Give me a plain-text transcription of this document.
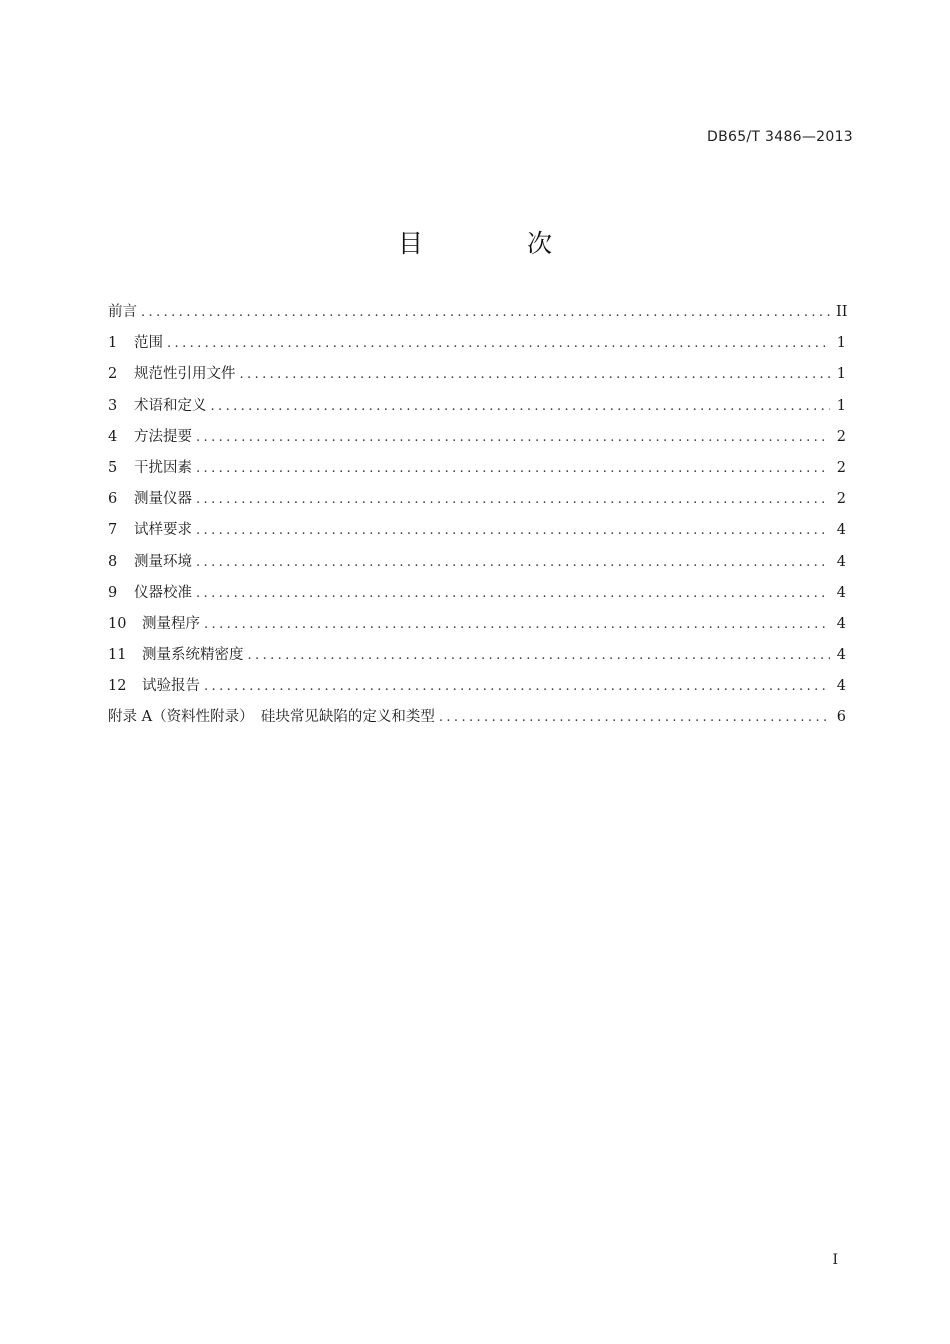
DB65/T 3486—2013
目 次
前言 .....	II
1	范围 .....	1
2	规范性引用文件 .....	1
3	术语和定义 .....	1
4	方法提要 .....	2
5	干扰因素 .....	2
6	测量仪器 .....	2
7	试样要求 .....	4
8	测量环境 .....	4
9	仪器校准 .....	4
10	测量程序 .....	4
11	测量系统精密度 .....	4
12	试验报告 .....	4
附录 A（资料性附录）　硅块常见缺陷的定义和类型 .....	6
I
